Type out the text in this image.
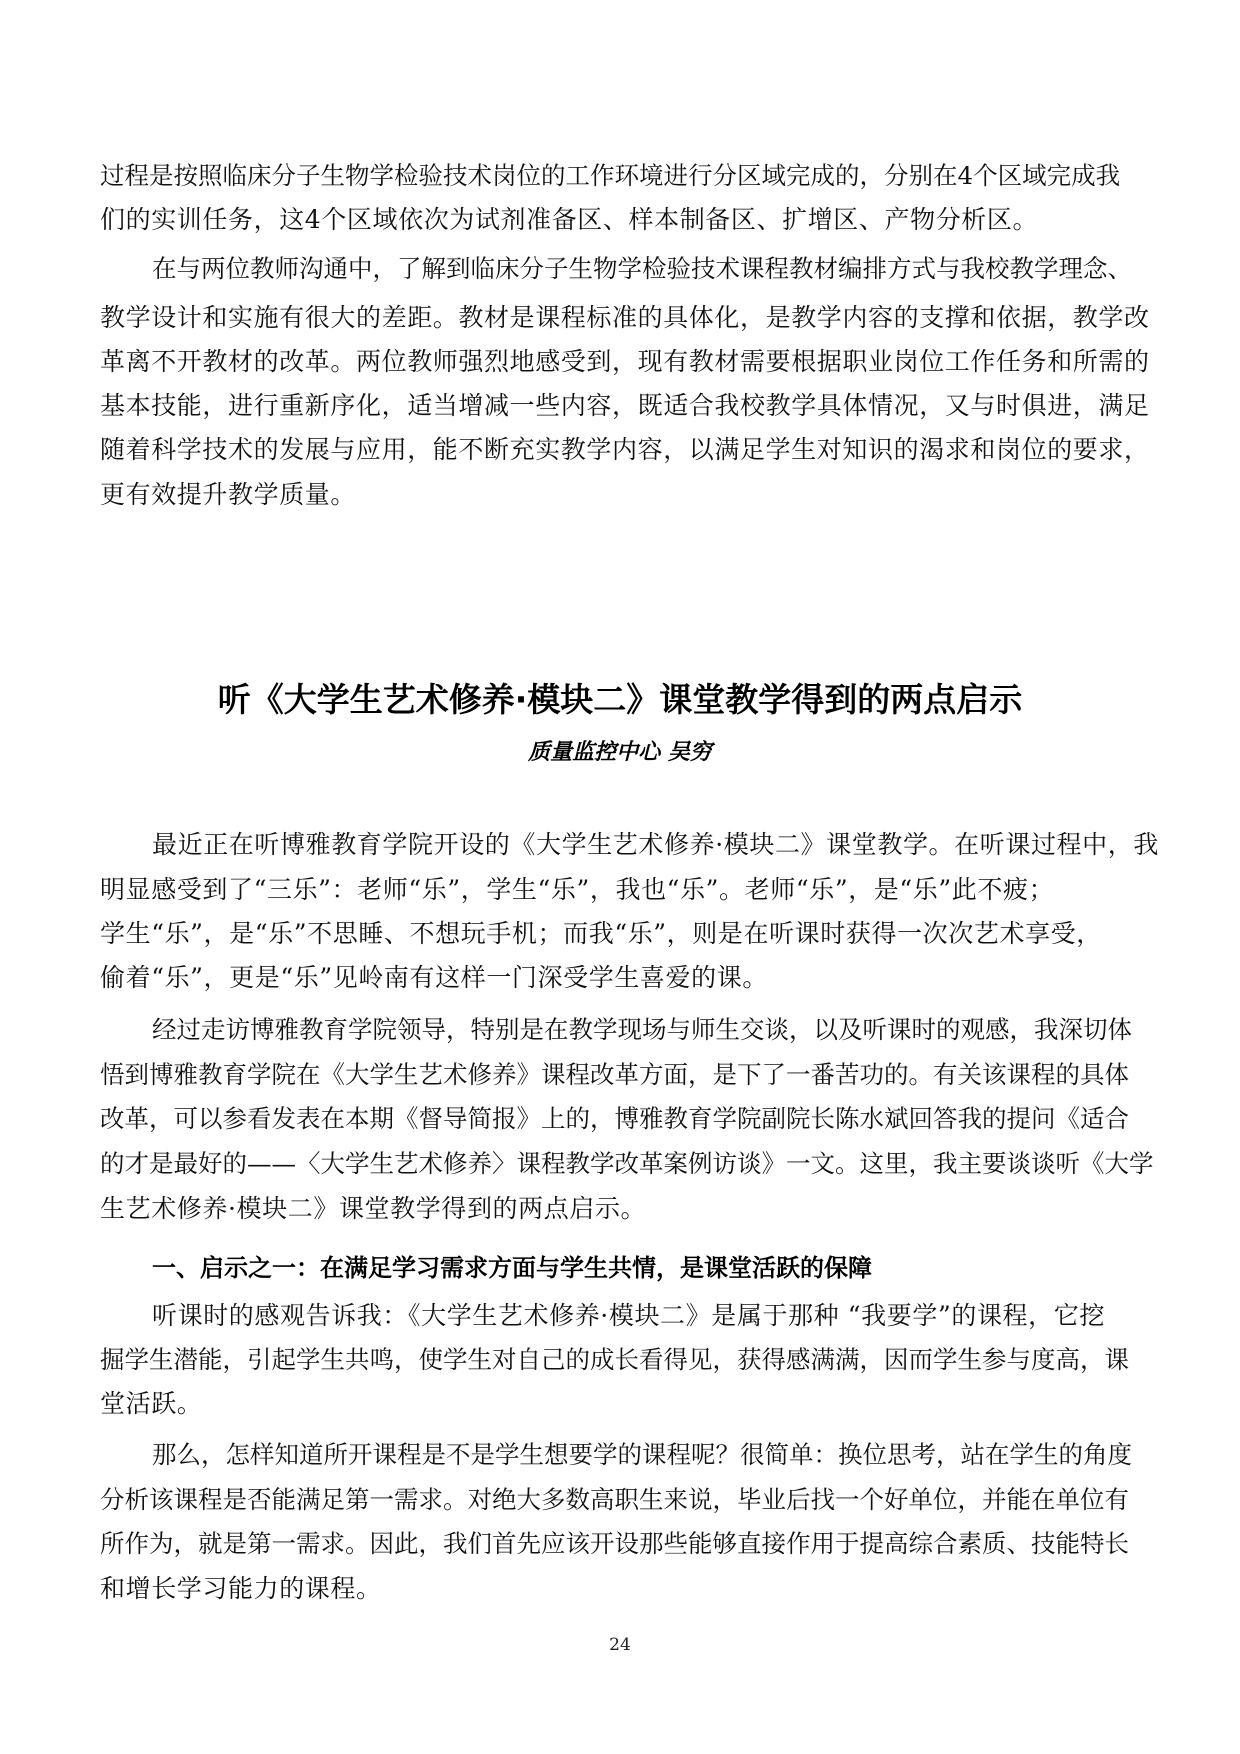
过程是按照临床分子生物学检验技术岗位的工作环境进行分区域完成的，分别在4个区域完成我
们的实训任务，这4个区域依次为试剂准备区、样本制备区、扩增区、产物分析区。
在与两位教师沟通中，了解到临床分子生物学检验技术课程教材编排方式与我校教学理念、
教学设计和实施有很大的差距。教材是课程标准的具体化，是教学内容的支撑和依据，教学改
革离不开教材的改革。两位教师强烈地感受到，现有教材需要根据职业岗位工作任务和所需的
基本技能，进行重新序化，适当增减一些内容，既适合我校教学具体情况，又与时俱进，满足
随着科学技术的发展与应用，能不断充实教学内容，以满足学生对知识的渴求和岗位的要求，
更有效提升教学质量。
听《大学生艺术修养·模块二》课堂教学得到的两点启示
质量监控中心 吴穷
最近正在听博雅教育学院开设的《大学生艺术修养·模块二》课堂教学。在听课过程中，我
明显感受到了“三乐”：老师“乐”，学生“乐”，我也“乐”。老师“乐”，是“乐”此不疲；
学生“乐”，是“乐”不思睡、不想玩手机；而我“乐”，则是在听课时获得一次次艺术享受，
偷着“乐”，更是“乐”见岭南有这样一门深受学生喜爱的课。
经过走访博雅教育学院领导，特别是在教学现场与师生交谈，以及听课时的观感，我深切体
悟到博雅教育学院在《大学生艺术修养》课程改革方面，是下了一番苦功的。有关该课程的具体
改革，可以参看发表在本期《督导简报》上的，博雅教育学院副院长陈水斌回答我的提问《适合
的才是最好的——〈大学生艺术修养〉课程教学改革案例访谈》一文。这里，我主要谈谈听《大学
生艺术修养·模块二》课堂教学得到的两点启示。
一、启示之一：在满足学习需求方面与学生共情，是课堂活跃的保障
听课时的感观告诉我：《大学生艺术修养·模块二》是属于那种 “我要学”的课程，它挖
掘学生潜能，引起学生共鸣，使学生对自己的成长看得见，获得感满满，因而学生参与度高，课
堂活跃。
那么，怎样知道所开课程是不是学生想要学的课程呢？很简单：换位思考，站在学生的角度
分析该课程是否能满足第一需求。对绝大多数高职生来说，毕业后找一个好单位，并能在单位有
所作为，就是第一需求。因此，我们首先应该开设那些能够直接作用于提高综合素质、技能特长
和增长学习能力的课程。
24
